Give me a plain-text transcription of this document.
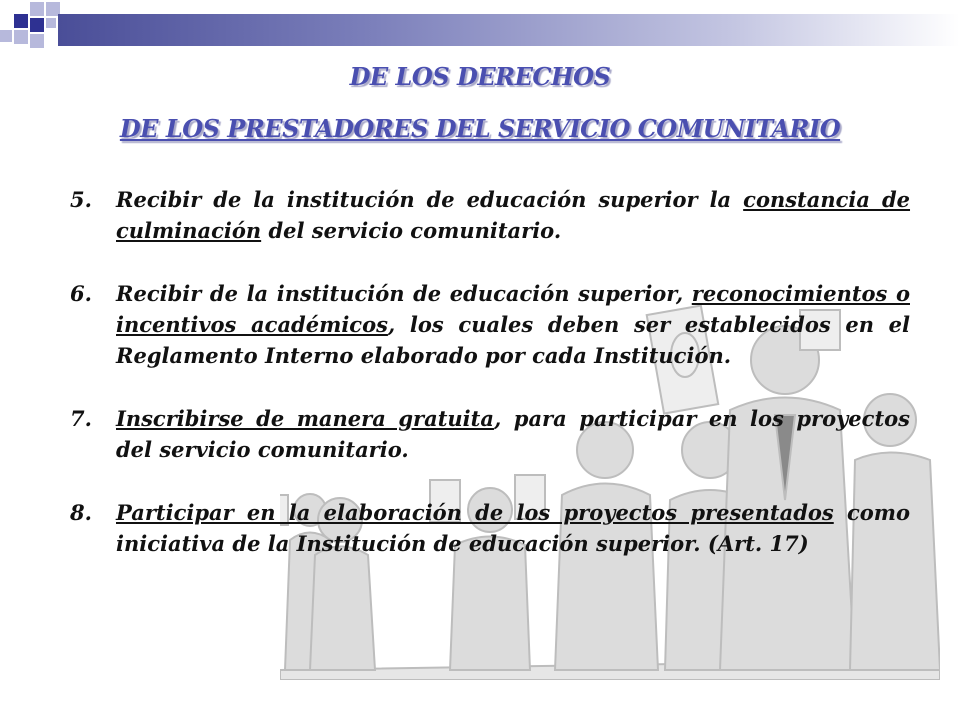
DE LOS DERECHOS
DE LOS PRESTADORES DEL SERVICIO COMUNITARIO
5. Recibir de la institución de educación superior la constancia de culminación del servicio comunitario.
6. Recibir de la institución de educación superior, reconocimientos o incentivos académicos, los cuales deben ser establecidos en el Reglamento Interno elaborado por cada Institución.
7. Inscribirse de manera gratuita, para participar en los proyectos del servicio comunitario.
8. Participar en la elaboración de los proyectos presentados como iniciativa de la Institución de educación superior. (Art. 17)
